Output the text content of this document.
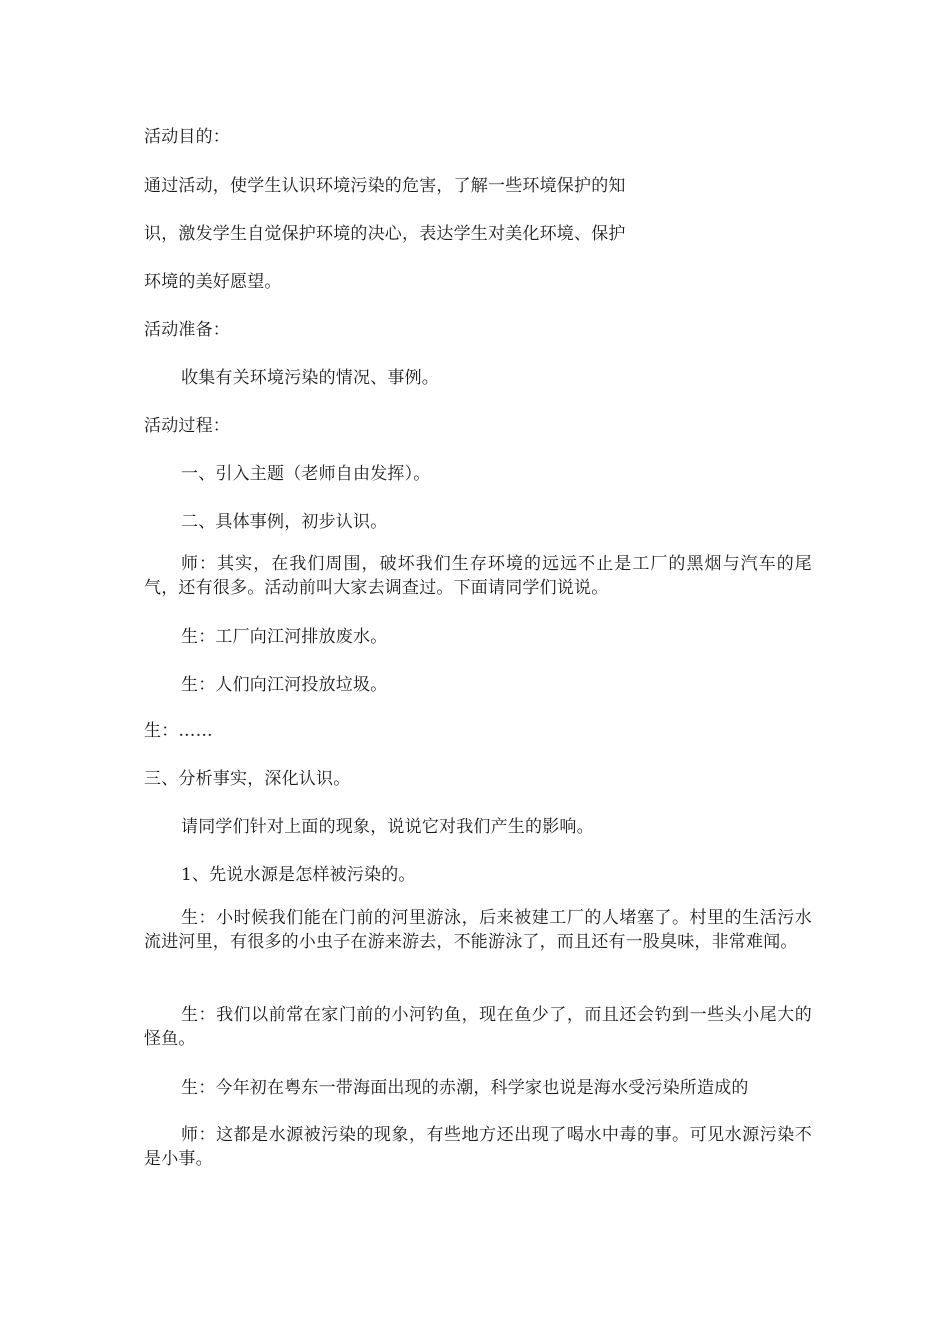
活动目的：
通过活动，使学生认识环境污染的危害，了解一些环境保护的知
识，激发学生自觉保护环境的决心，表达学生对美化环境、保护
环境的美好愿望。
活动准备：
收集有关环境污染的情况、事例。
活动过程：
一、引入主题（老师自由发挥）。
二、具体事例，初步认识。
师：其实，在我们周围，破坏我们生存环境的远远不止是工厂的黑烟与汽车的尾气，还有很多。活动前叫大家去调查过。下面请同学们说说。
生：工厂向江河排放废水。
生：人们向江河投放垃圾。
生：……
三、分析事实，深化认识。
请同学们针对上面的现象，说说它对我们产生的影响。
1、先说水源是怎样被污染的。
生：小时候我们能在门前的河里游泳，后来被建工厂的人堵塞了。村里的生活污水流进河里，有很多的小虫子在游来游去，不能游泳了，而且还有一股臭味，非常难闻。
生：我们以前常在家门前的小河钓鱼，现在鱼少了，而且还会钓到一些头小尾大的怪鱼。
生：今年初在粤东一带海面出现的赤潮，科学家也说是海水受污染所造成的
师：这都是水源被污染的现象，有些地方还出现了喝水中毒的事。可见水源污染不是小事。
